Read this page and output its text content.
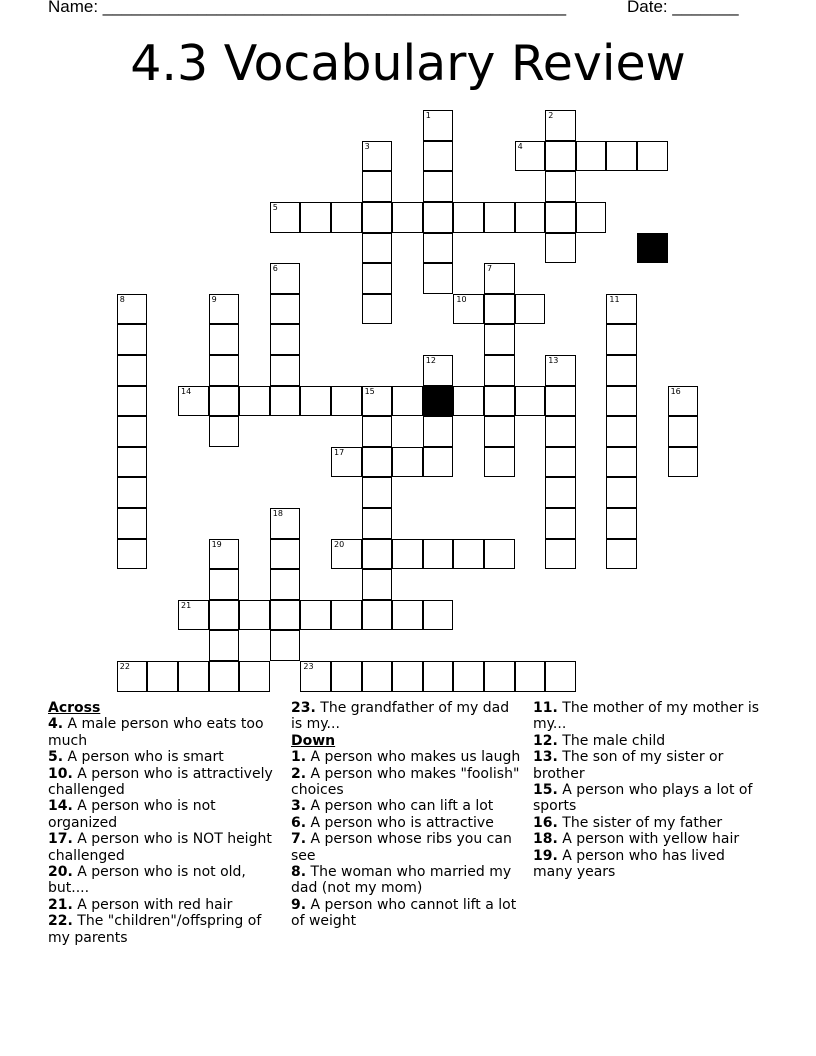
Name: _________________________________________________	Date: _______
4.3 Vocabulary Review
4
5
10
14	15
17
20
21
22	23
1	2
3
6	7
8	9	11
12	13
16
18
19
Across
4. A male person who eats too much
5. A person who is smart
10. A person who is attractively challenged
14. A person who is not organized
17. A person who is NOT height challenged
20. A person who is not old, but....
21. A person with red hair
22. The "children"/offspring of my parents
23. The grandfather of my dad is my...
Down
1. A person who makes us laugh
2. A person who makes "foolish" choices
3. A person who can lift a lot
6. A person who is attractive
7. A person whose ribs you can see
8. The woman who married my dad (not my mom)
9. A person who cannot lift a lot of weight
11. The mother of my mother is my...
12. The male child
13. The son of my sister or brother
15. A person who plays a lot of sports
16. The sister of my father
18. A person with yellow hair
19. A person who has lived many years
